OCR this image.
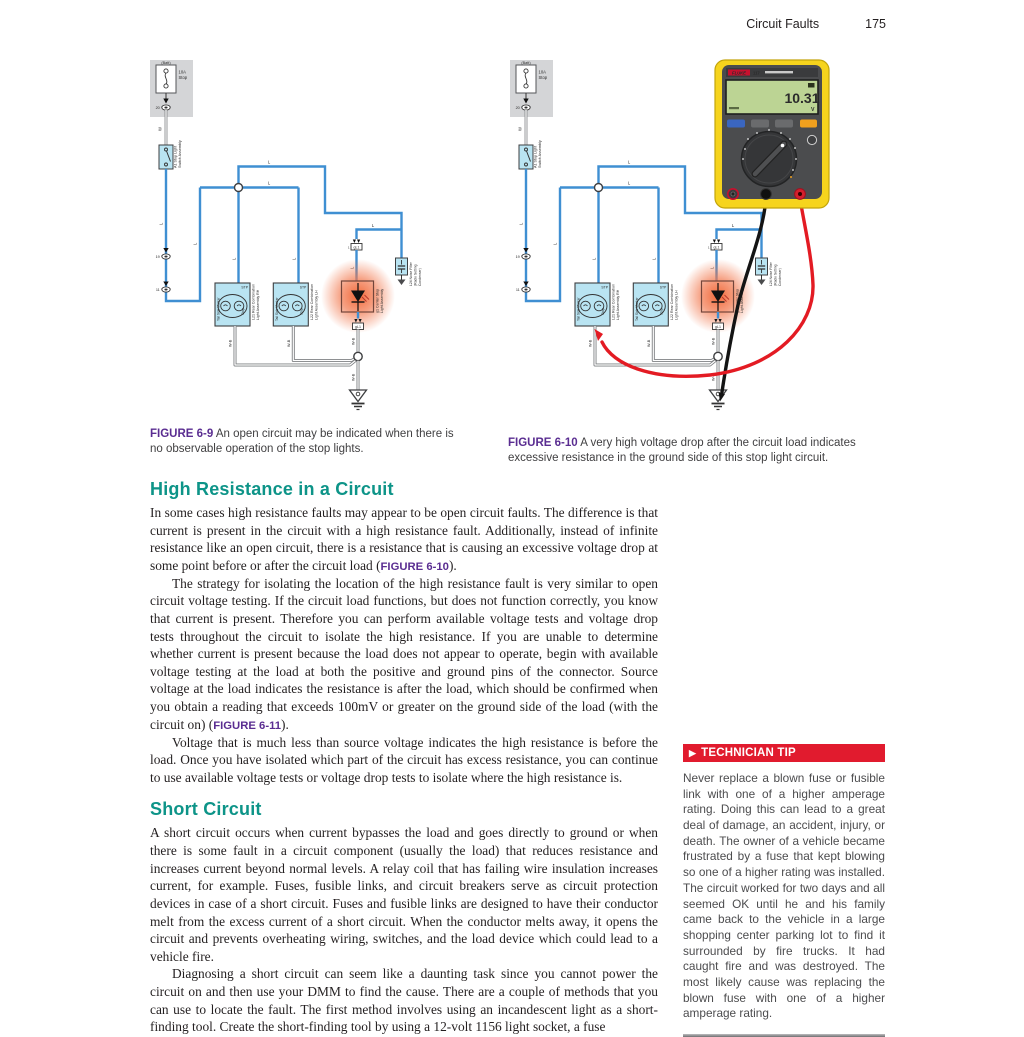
Circuit Faults	175
(Batt)
10A
Stop
20
W
A1 Stop Light Switch Assembly
19
11
L
L
L
L
L
L	L
gL1
1
g1 Center Stop Light Assembly
gL1
STP
Tail Side Marker	Stop L21 Rear Combination Light Assembly RH
STP
Tail Side Marker	Stop L22 Rear Combination Light Assembly LH
W-B	W-B	W-B
W-B
L24 Noise Filter (Radio Setting Condenser)
FLUKE 117
10.31
V
FIGURE 6-9 An open circuit may be indicated when there is no observable operation of the stop lights.	FIGURE 6-10 A very high voltage drop after the circuit load indicates excessive resistance in the ground side of this stop light circuit.
High Resistance in a Circuit

In some cases high resistance faults may appear to be open circuit faults. The difference is that current is present in the circuit with a high resistance fault. Additionally, instead of infinite resistance like an open circuit, there is a resistance that is causing an excessive voltage drop at some point before or after the circuit load (FIGURE 6-10).

The strategy for isolating the location of the high resistance fault is very similar to open circuit voltage testing. If the circuit load functions, but does not function correctly, you know that current is present. Therefore you can perform available voltage tests and voltage drop tests throughout the circuit to isolate the high resistance. If you are unable to determine whether current is present because the load does not appear to operate, begin with available voltage testing at the load at both the positive and ground pins of the connector. Source voltage at the load indicates the resistance is after the load, which should be confirmed when you obtain a reading that exceeds 100mV or greater on the ground side of the load (with the circuit on) (FIGURE 6-11).

Voltage that is much less than source voltage indicates the high resistance is before the load. Once you have isolated which part of the circuit has excess resistance, you can continue to use available voltage tests or voltage drop tests to isolate where the high resistance is.

Short Circuit

A short circuit occurs when current bypasses the load and goes directly to ground or when there is some fault in a circuit component (usually the load) that reduces resistance and increases current beyond normal levels. A relay coil that has failing wire insulation increases current, for example. Fuses, fusible links, and circuit breakers serve as circuit protection devices in case of a short circuit. Fuses and fusible links are designed to have their conductor melt from the excess current of a short circuit. When the conductor melts away, it opens the circuit and prevents overheating wiring, switches, and the load device which could lead to a vehicle fire.

Diagnosing a short circuit can seem like a daunting task since you cannot power the circuit on and then use your DMM to find the cause. There are a couple of methods that you can use to locate the fault. The first method involves using an incandescent light as a short-finding tool. Create the short-finding tool by using a 12-volt 1156 light socket, a fuse

▶ TECHNICIAN TIP
Never replace a blown fuse or fusible link with one of a higher amperage rating. Doing this can lead to a great deal of damage, an accident, injury, or death. The owner of a vehicle became frustrated by a fuse that kept blowing so one of a higher rating was installed. The circuit worked for two days and all seemed OK until he and his family came back to the vehicle in a large shopping center parking lot to find it surrounded by fire trucks. It had caught fire and was destroyed. The most likely cause was replacing the blown fuse with one of a higher amperage rating.
